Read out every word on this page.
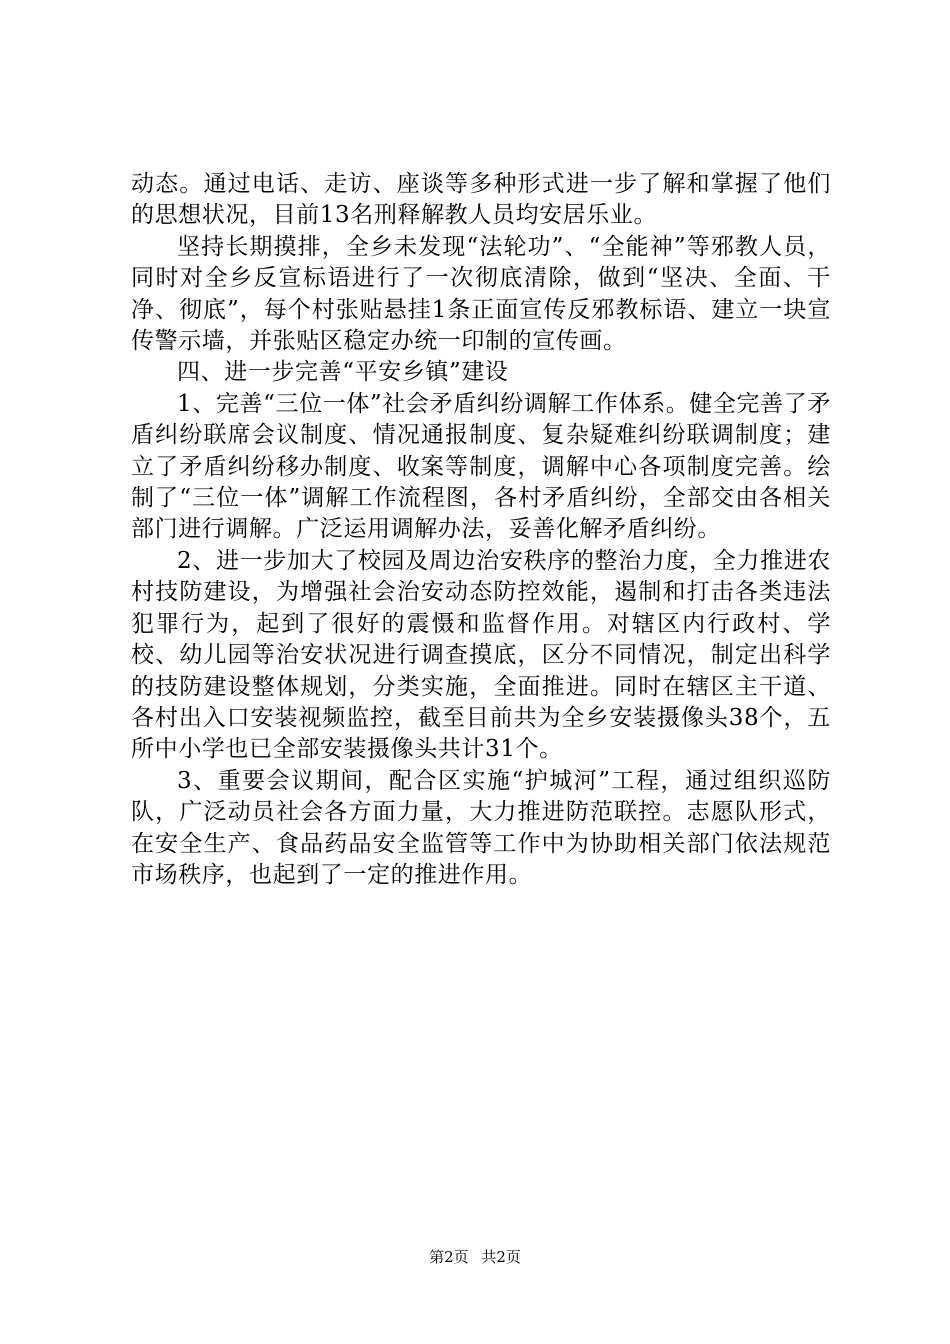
动态。通过电话、走访、座谈等多种形式进一步了解和掌握了他们的思想状况，目前13名刑释解教人员均安居乐业。

坚持长期摸排，全乡未发现“法轮功”、“全能神”等邪教人员，同时对全乡反宣标语进行了一次彻底清除，做到“坚决、全面、干净、彻底”，每个村张贴悬挂1条正面宣传反邪教标语、建立一块宣传警示墙，并张贴区稳定办统一印制的宣传画。

四、进一步完善“平安乡镇”建设

1、完善“三位一体”社会矛盾纠纷调解工作体系。健全完善了矛盾纠纷联席会议制度、情况通报制度、复杂疑难纠纷联调制度；建立了矛盾纠纷移办制度、收案等制度，调解中心各项制度完善。绘制了“三位一体”调解工作流程图，各村矛盾纠纷，全部交由各相关部门进行调解。广泛运用调解办法，妥善化解矛盾纠纷。

2、进一步加大了校园及周边治安秩序的整治力度，全力推进农村技防建设，为增强社会治安动态防控效能，遏制和打击各类违法犯罪行为，起到了很好的震慑和监督作用。对辖区内行政村、学校、幼儿园等治安状况进行调查摸底，区分不同情况，制定出科学的技防建设整体规划，分类实施，全面推进。同时在辖区主干道、各村出入口安装视频监控，截至目前共为全乡安装摄像头38个，五所中小学也已全部安装摄像头共计31个。

3、重要会议期间，配合区实施“护城河”工程，通过组织巡防队，广泛动员社会各方面力量，大力推进防范联控。志愿队形式，在安全生产、食品药品安全监管等工作中为协助相关部门依法规范市场秩序，也起到了一定的推进作用。

第2页 共2页
